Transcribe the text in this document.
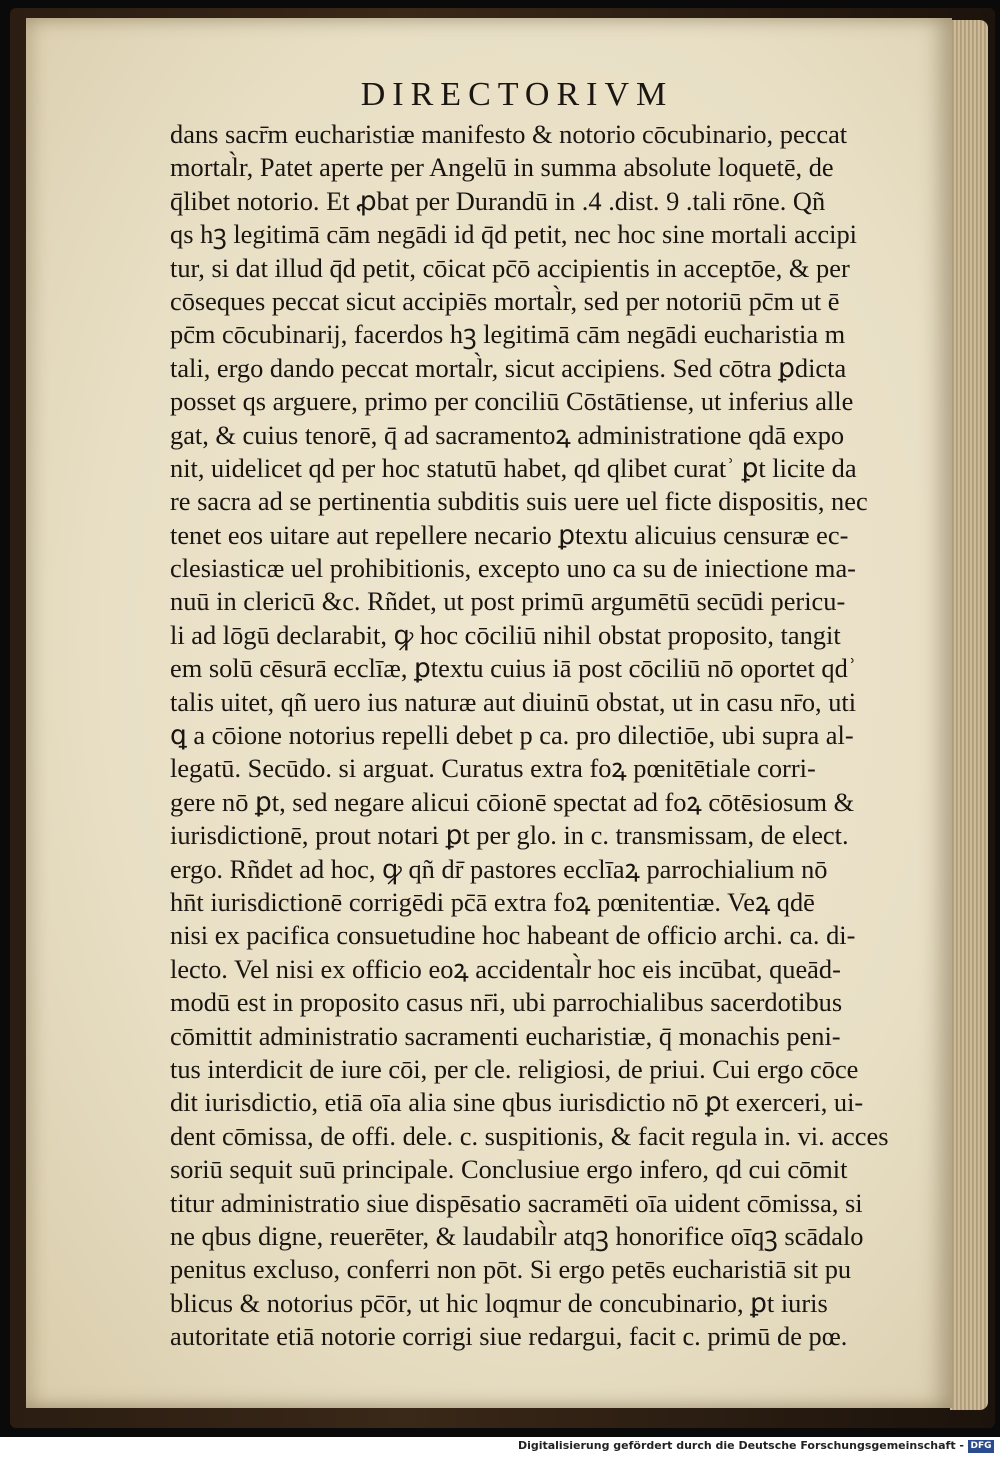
DIRECTORIVM
dans sacr̄m eucharistiæ manifesto & notorio cōcubinario, peccat
mortal̀r, Patet aperte per Angelū in summa absolute loquetē, de
q̄libet notorio. Et ꝓbat per Durandū in .4 .dist. 9 .tali rōne. Qñ
qs hꝫ legitimā cām negādi id q̄d petit, nec hoc sine mortali accipi
tur, si dat illud q̄d petit, cōicat pc̄ō accipientis in acceptōe, & per
cōseques peccat sicut accipiēs mortal̀r, sed per notoriū pc̄m ut ē
pc̄m cōcubinarij, facerdos hꝫ legitimā cām negādi eucharistia m
tali, ergo dando peccat mortal̀r, sicut accipiens. Sed cōtra ꝑdicta
posset qs arguere, primo per conciliū Cōstātiense, ut inferius alle
gat, & cuius tenorē, q̄ ad sacramentoꝝ administratione qdā expo
nit, uidelicet qd per hoc statutū habet, qd qlibet curatʾ ꝑt licite da
re sacra ad se pertinentia subditis suis uere uel ficte dispositis, nec
tenet eos uitare aut repellere necario ꝑtextu alicuius censuræ ec-
clesiasticæ uel prohibitionis, excepto uno ca su de iniectione ma-
nuū in clericū &c. Rñdet, ut post primū argumētū secūdi pericu-
li ad lōgū declarabit, ꝙ hoc cōciliū nihil obstat proposito, tangit
em solū cēsurā ecclīæ, ꝑtextu cuius iā post cōciliū nō oportet qdʾ
talis uitet, qñ uero ius naturæ aut diuinū obstat, ut in casu nr̄o, uti
ꝗ a cōione notorius repelli debet p ca. pro dilectiōe, ubi supra al-
legatū. Secūdo. si arguat. Curatus extra foꝝ pœnitētiale corri-
gere nō ꝑt, sed negare alicui cōionē spectat ad foꝝ cōtēsiosum &
iurisdictionē, prout notari ꝑt per glo. in c. transmissam, de elect.
ergo. Rñdet ad hoc, ꝙ qñ dr̄ pastores ecclīaꝝ parrochialium nō
hn̄t iurisdictionē corrigēdi pc̄ā extra foꝝ pœnitentiæ. Veꝝ qdē
nisi ex pacifica consuetudine hoc habeant de officio archi. ca. di-
lecto. Vel nisi ex officio eoꝝ accidental̀r hoc eis incūbat, queād-
modū est in proposito casus nr̄i, ubi parrochialibus sacerdotibus
cōmittit administratio sacramenti eucharistiæ, q̄ monachis peni-
tus interdicit de iure cōi, per cle. religiosi, de priui. Cui ergo cōce
dit iurisdictio, etiā oīa alia sine qbus iurisdictio nō ꝑt exerceri, ui-
dent cōmissa, de offi. dele. c. suspitionis, & facit regula in. vi. acces
soriū sequit suū principale. Conclusiue ergo infero, qd cui cōmit
titur administratio siue dispēsatio sacramēti oīa uident cōmissa, si
ne qbus digne, reuerēter, & laudabil̀r atqꝫ honorifice oīqꝫ scādalo
penitus excluso, conferri non pōt. Si ergo petēs eucharistiā sit pu
blicus & notorius pc̄ōr, ut hic loqmur de concubinario, ꝑt iuris
autoritate etiā notorie corrigi siue redargui, facit c. primū de pœ.
Digitalisierung gefördert durch die Deutsche Forschungsgemeinschaft - DFG
